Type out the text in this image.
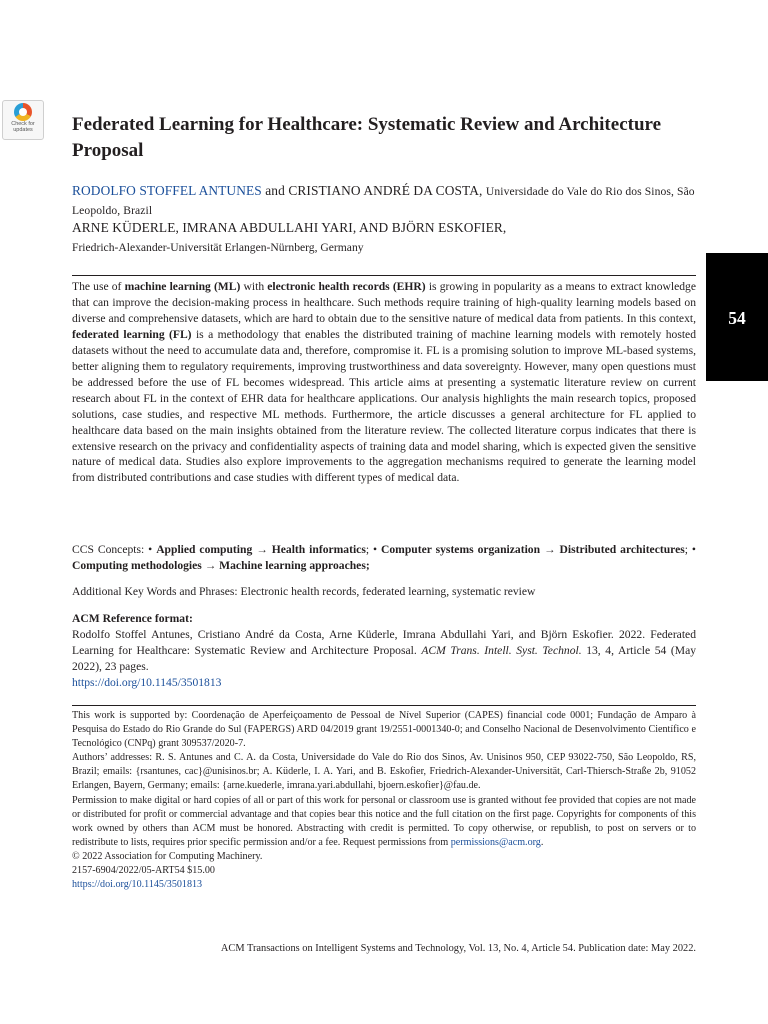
Check for
updates	Federated Learning for Healthcare: Systematic Review and Architecture Proposal
RODOLFO STOFFEL ANTUNES and CRISTIANO ANDRÉ DA COSTA, Universidade do Vale do Rio dos Sinos, São Leopoldo, Brazil
ARNE KÜDERLE, IMRANA ABDULLAHI YARI, AND BJÖRN ESKOFIER,
Friedrich-Alexander-Universität Erlangen-Nürnberg, Germany
54
The use of machine learning (ML) with electronic health records (EHR) is growing in popularity as a means to extract knowledge that can improve the decision-making process in healthcare. Such methods require training of high-quality learning models based on diverse and comprehensive datasets, which are hard to obtain due to the sensitive nature of medical data from patients. In this context, federated learning (FL) is a methodology that enables the distributed training of machine learning models with remotely hosted datasets without the need to accumulate data and, therefore, compromise it. FL is a promising solution to improve ML-based systems, better aligning them to regulatory requirements, improving trustworthiness and data sovereignty. However, many open questions must be addressed before the use of FL becomes widespread. This article aims at presenting a systematic literature review on current research about FL in the context of EHR data for healthcare applications. Our analysis highlights the main research topics, proposed solutions, case studies, and respective ML methods. Furthermore, the article discusses a general architecture for FL applied to healthcare data based on the main insights obtained from the literature review. The collected literature corpus indicates that there is extensive research on the privacy and confidentiality aspects of training data and model sharing, which is expected given the sensitive nature of medical data. Studies also explore improvements to the aggregation mechanisms required to generate the learning model from distributed contributions and case studies with different types of medical data.
CCS Concepts: • Applied computing → Health informatics; • Computer systems organization → Distributed architectures; • Computing methodologies → Machine learning approaches;
Additional Key Words and Phrases: Electronic health records, federated learning, systematic review
ACM Reference format:
Rodolfo Stoffel Antunes, Cristiano André da Costa, Arne Küderle, Imrana Abdullahi Yari, and Björn Eskofier. 2022. Federated Learning for Healthcare: Systematic Review and Architecture Proposal. ACM Trans. Intell. Syst. Technol. 13, 4, Article 54 (May 2022), 23 pages.
https://doi.org/10.1145/3501813
This work is supported by: Coordenação de Aperfeiçoamento de Pessoal de Nível Superior (CAPES) financial code 0001; Fundação de Amparo à Pesquisa do Estado do Rio Grande do Sul (FAPERGS) ARD 04/2019 grant 19/2551-0001340-0; and Conselho Nacional de Desenvolvimento Científico e Tecnológico (CNPq) grant 309537/2020-7.
Authors’ addresses: R. S. Antunes and C. A. da Costa, Universidade do Vale do Rio dos Sinos, Av. Unisinos 950, CEP 93022-750, São Leopoldo, RS, Brazil; emails: {rsantunes, cac}@unisinos.br; A. Küderle, I. A. Yari, and B. Eskofier, Friedrich-Alexander-Universität, Carl-Thiersch-Straße 2b, 91052 Erlangen, Bayern, Germany; emails: {arne.kuederle, imrana.yari.abdullahi, bjoern.eskofier}@fau.de.
Permission to make digital or hard copies of all or part of this work for personal or classroom use is granted without fee provided that copies are not made or distributed for profit or commercial advantage and that copies bear this notice and the full citation on the first page. Copyrights for components of this work owned by others than ACM must be honored. Abstracting with credit is permitted. To copy otherwise, or republish, to post on servers or to redistribute to lists, requires prior specific permission and/or a fee. Request permissions from permissions@acm.org.
© 2022 Association for Computing Machinery.
2157-6904/2022/05-ART54 $15.00
https://doi.org/10.1145/3501813
ACM Transactions on Intelligent Systems and Technology, Vol. 13, No. 4, Article 54. Publication date: May 2022.
